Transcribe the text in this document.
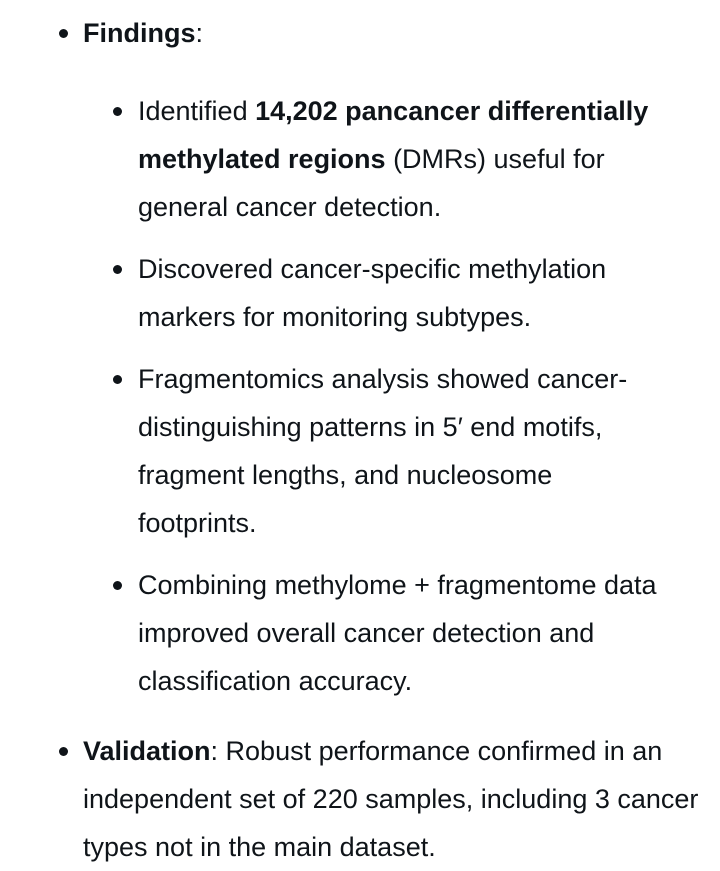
Findings:
Identified 14,202 pancancer differentially methylated regions (DMRs) useful for general cancer detection.
Discovered cancer-specific methylation markers for monitoring subtypes.
Fragmentomics analysis showed cancer-distinguishing patterns in 5′ end motifs, fragment lengths, and nucleosome footprints.
Combining methylome + fragmentome data improved overall cancer detection and classification accuracy.
Validation: Robust performance confirmed in an independent set of 220 samples, including 3 cancer types not in the main dataset.
